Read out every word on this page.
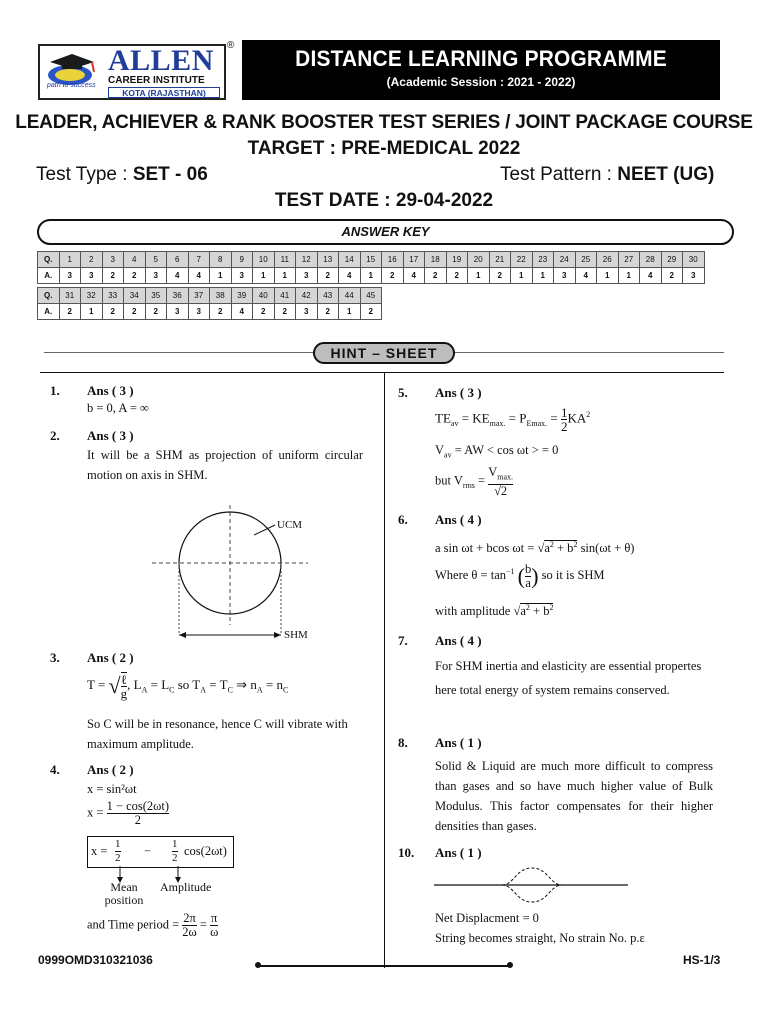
ALLEN
CAREER INSTITUTE
KOTA (RAJASTHAN)
path to success
®
DISTANCE LEARNING PROGRAMME
(Academic Session : 2021 - 2022)
LEADER, ACHIEVER & RANK BOOSTER TEST SERIES / JOINT PACKAGE COURSE
TARGET : PRE-MEDICAL 2022
Test Type : SET - 06	Test Pattern : NEET (UG)
TEST DATE : 29-04-2022
ANSWER KEY
Q.	1	2	3	4	5	6	7	8	9	10	11	12	13	14	15	16	17	18	19	20	21	22	23	24	25	26	27	28	29	30
A.	3	3	2	2	3	4	4	1	3	1	1	3	2	4	1	2	4	2	2	1	2	1	1	3	4	1	1	4	2	3
Q.	31	32	33	34	35	36	37	38	39	40	41	42	43	44	45
A.	2	1	2	2	2	3	3	2	4	2	2	3	2	1	2
HINT – SHEET
1. Ans ( 3 )
b = 0, A = ∞
2. Ans ( 3 )
It will be a SHM as projection of uniform circular motion on axis in SHM.
UCM
SHM
3. Ans ( 2 )
T = √ $\frac{\text{ℓ}}{g}$ , $L_A = L_C$ so $T_A = T_C$ ⇒ $n_A = n_C$
So C will be in resonance, hence C will vibrate with maximum amplitude.
4. Ans ( 2 )
x = sin²ωt
$x = \frac{1 - \cos(2\omega t)}{2}$
$x = \frac{1}{2} - \frac{1}{2} \cos(2\omega t)$
Mean position
Amplitude
and Time period = $\frac{2\pi}{2\omega} = \frac{\pi}{\omega}$
5. Ans ( 3 )
$TE_{av} = KE_{max.} = P_{Emax.} = \frac{1}{2} KA^2$
$V_{av}$ = AW < cos ωt > = 0
but $V_{rms} = \frac{V_{max.}}{√2}$
6. Ans ( 4 )
a sin ωt + bcos $\omega t = √a^2 + b^2$ sin(ωt + θ)
Where $\theta = \tan^{-1}$ ( $\frac{b}{a}$ ) so it is SHM
with amplitude $√a^2 + b^2$
7. Ans ( 4 )
For SHM inertia and elasticity are essential propertes here total energy of system remains conserved.
8. Ans ( 1 )
Solid & Liquid are much more difficult to compress than gases and so have much higher value of Bulk Modulus. This factor compensates for their higher densities than gases.
10. Ans ( 1 )
Net Displacment = 0
String becomes straight, No strain No. p.ε
0999OMD310321036	HS-1/3
